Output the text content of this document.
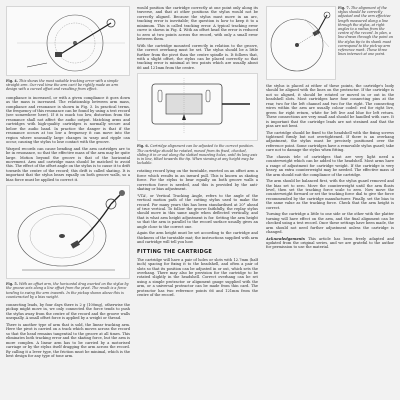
Fig. 4. This shows the most suitable tracking error with a simple straight arm. Our real time the arm can't be rightly made an arm design with a curved offset and resulting from effect.

compliance is increased, or with a given compliance it goes down as the mass is increased. The relationship between arm mass, compliance and resonance is shown in Fig. 3. In practical terms, the frequency of this resonance can be found by using a test record (see somewhere here). If it is much too low, distortion from the resonance shall not affect the audio output. Matching arms and cartridges with high-quality cartridges is normally secure and below the audio band. In practice the danger is that if the resonance occurs at too low a frequency it can move into the region where unusually large changes in warp and ripple can occur, causing the stylus to lose contact with the groove.

Warped records can cause bending and the arm cartridges are to be in resonance, so that the effective mass of the arm may be quite large. Motion beyond the groove is that of the horizontal movement. Arm and cartridge mass should be matched to avoid this. The effect of the offset angle on the stylus is to cause it to drift towards the centre of the record; this drift is called skating. It is important that the stylus bears equally on both groove walls, so a bias force must be applied to correct it.

Fig. 5. With an offset arm, the horizontal drag exerted on the stylus by the groove acts along a line offset from the pivot. The result is a force tending to swing the arm inwards. In the pickup shown above this is counteracted by a bias weight.

connecting leads, by four days there is 2 g (100mg), otherwise the pickup might move in, we only connected the force tends to push the stylus away from the centre of the record and the groove walls unequally. A small offset force is applied by a weight or thread.

There is another type of arm that is sold, the linear tracking arm. Here the pivot is carried on a track which moves across the record so that the head remains tangential to the groove at all times. This eliminates both tracking error and the skating force, but the arm is more complex. A linear arm has to be carried by a motorised carriage or by the stylus itself dragging the arm across the record. By calling it a lever type, the friction must be minimal, which is the best design for any type of tone arm.

would position the cartridge correctly at one point only along its traverse, and that at other positions the stylus would not be correctly aligned. Because the stylus must move in an arc, tracking error is inevitable; the question is how to keep it to a minimum. This is called tracking error. A typical tracking error curve is shown in Fig. 4. With an offset head the error is reduced to zero at two points across the record, with only a small error between them.

With the cartridge mounted correctly in relation to the groove, the correct overhang must be set. The stylus should be a little further from the pivot than the centre spindle is. It follows that, with a slight offset, the stylus can be placed correctly so that tracking error is minimal at two points which are usually about 66 and 121mm from the centre.

Fig. 6. Cartridge alignment can be adjusted to the correct position. The cartridge should be rotated, moved from its fixed, checked, sliding it in or out along the slotted mounting holes, until its long axis is in line, tilted towards the tip. When viewing at any height may be lockable.

rotating record lying on the turntable, exerted on an offset arm a force which results in an inward pull. This is known as skating force. For the stylus to bear equally on both groove walls a correction force is needed, and this is provided by the anti-skating or bias adjustment.

'VTA', or Vertical Tracking Angle, refers to the angle of the vertical motion path of the cutting stylus used to make the record. For many years this has been standardised at 20° ahead of true vertical. To follow the groove faithfully, the replay stylus should move in this same angle when deflected vertically, and that is what arm height adjustment is for. Setting the arm height so that the arm is parallel to the record surface usually gives an angle close to the correct one.

Again the arm height must be set according to the cartridge and thickness of the turntable mat; the instructions supplied with arm and cartridge will tell you how.

FITTING THE CARTRIDGE

The cartridge will have a pair of holes or slots with 12.7mm (half inch) spacing for fixing it to the headshell, and often a pair of slots so that its position can be adjusted in or out, which sets the overhang. There may also be provision for the cartridge to be rotated slightly in the headshell. Correct overhang can be set using a simple protractor or alignment gauge supplied with the arm, or a universal protractor can be made from thin card. The protractor has two reference points 66 and 121mm from the centre of the record.

Fig. 7. The alignment of the stylus should be correctly adjusted and the arm effective length measured along a line through the stylus, at right angles to a radius from the centre of the record. In plan, a line drawn through the point on the stylus tip to its shank must correspond to the pick-up arm reference mark. These three lines intersect at one point.

the stylus is placed at either of these points, the cartridge's body should be aligned with the lines on the protractor. If the cartridge is not so aligned, it should be rotated or moved in or out in the headshell slots. Most cartridges have four connecting pins at the rear, two for the left channel and two for the right. The connecting wires within the arm are usually colour coded: red for right live, green for right return, white for left live and blue for left return. These connections are very small and should be handled with care. It is important that the cartridge leads are not strained and that the pins are not bent.

The cartridge should be fixed to the headshell with the fixing screws tightened firmly but not overtightened. If there is an overhang adjustment, the stylus must be precisely positioned over the reference point. Some cartridges have a removable stylus guard; take care not to damage the stylus when fitting.

The chassis tele of cartridges that are very light need a counterweight which can be added to the headshell. Most arms have a range of adjustment for cartridge weight. If the cartridge is very heavy, an extra counterweight may be needed. The effective mass of the arm should suit the compliance of the cartridge.

The arm should be balanced first, with the stylus guard removed and the bias set to zero. Move the counterweight until the arm floats level, then set the tracking force scale to zero. Now move the counterweight forward or set the tracking force dial to give the force recommended by the cartridge manufacturer. Finally, set the bias to the same value as the tracking force. Check that the arm height is correct.

Turning the cartridge a little to one side or the other with the platter turning will have effect on the arm, and the final alignment can be checked using a test record. Once these settings have been made, the arm should not need further adjustment unless the cartridge is changed.

Acknowledgements This article has been freely adapted and updated from the original series, and we are grateful to the author for permission to use the material.
